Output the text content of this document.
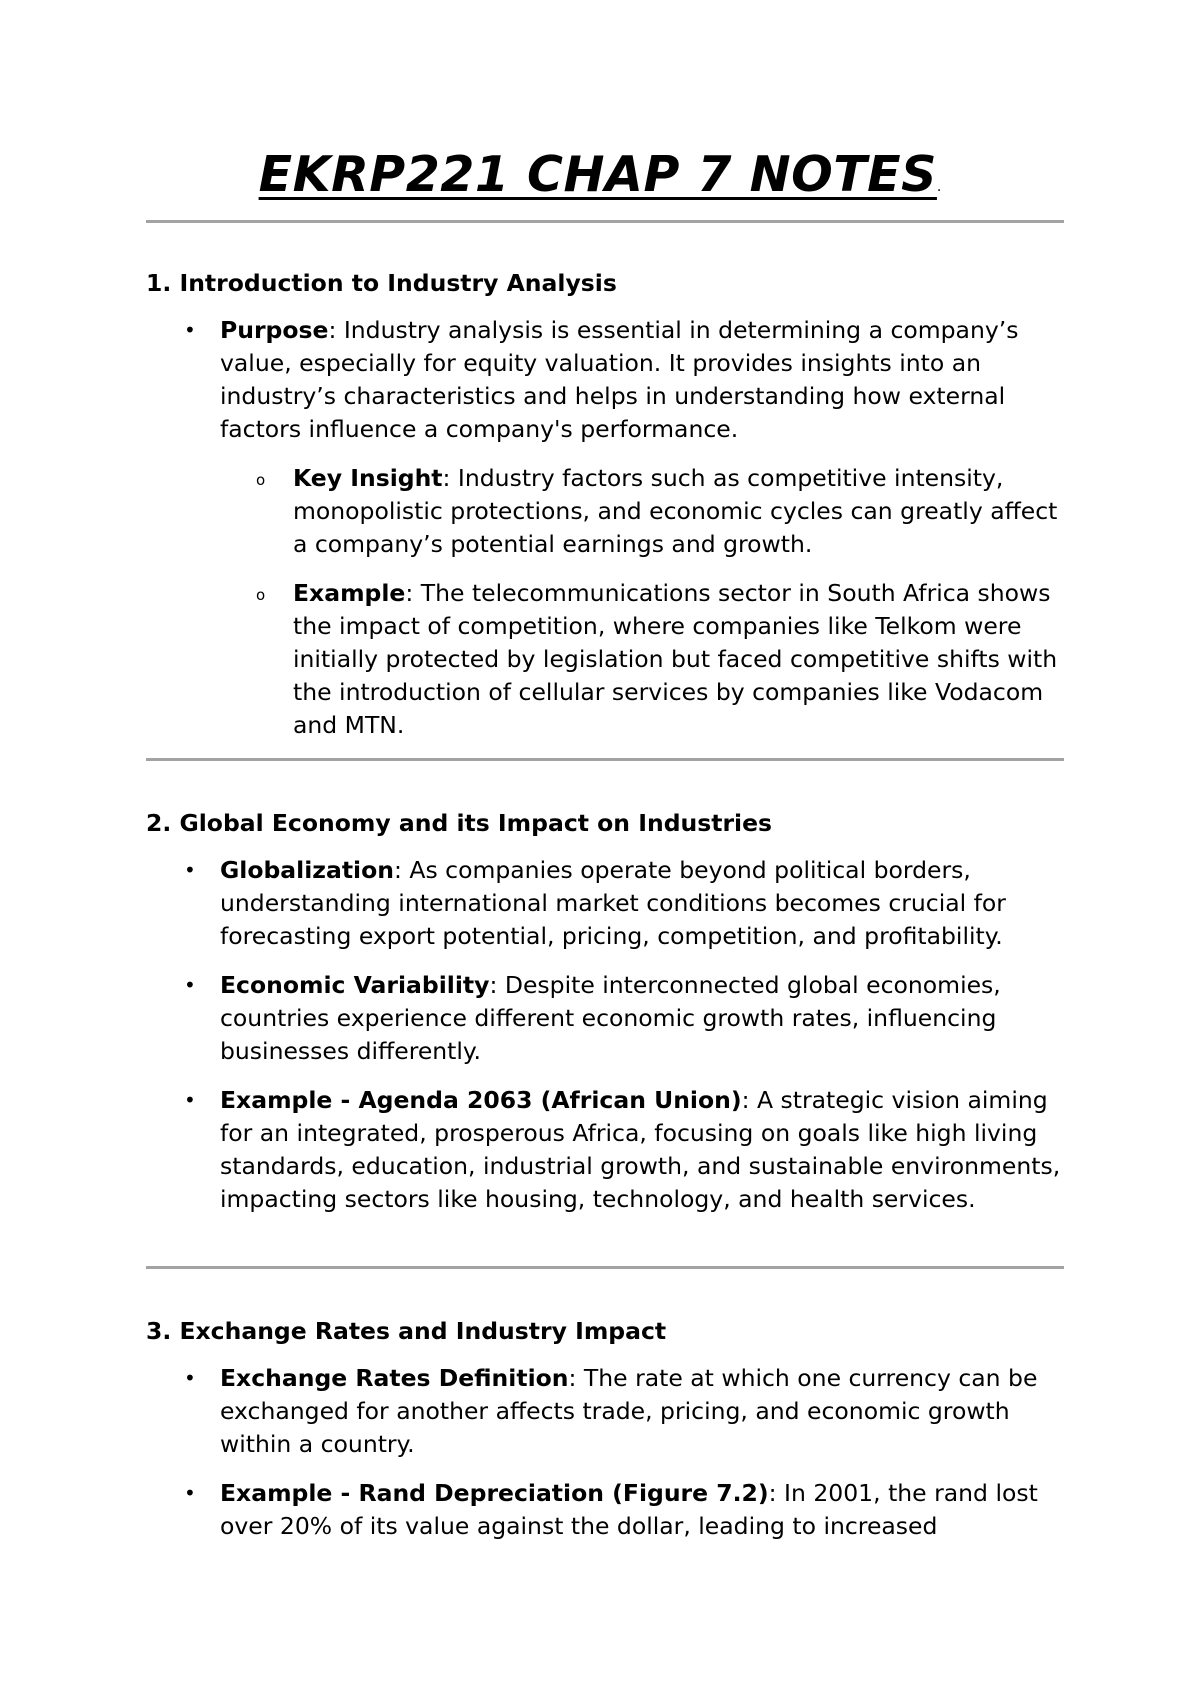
EKRP221 CHAP 7 NOTES.
1. Introduction to Industry Analysis
• Purpose: Industry analysis is essential in determining a company’s value, especially for equity valuation. It provides insights into an industry’s characteristics and helps in understanding how external factors influence a company's performance.
o Key Insight: Industry factors such as competitive intensity, monopolistic protections, and economic cycles can greatly affect a company’s potential earnings and growth.
o Example: The telecommunications sector in South Africa shows the impact of competition, where companies like Telkom were initially protected by legislation but faced competitive shifts with the introduction of cellular services by companies like Vodacom and MTN.
2. Global Economy and its Impact on Industries
• Globalization: As companies operate beyond political borders, understanding international market conditions becomes crucial for forecasting export potential, pricing, competition, and profitability.
• Economic Variability: Despite interconnected global economies, countries experience different economic growth rates, influencing businesses differently.
• Example - Agenda 2063 (African Union): A strategic vision aiming for an integrated, prosperous Africa, focusing on goals like high living standards, education, industrial growth, and sustainable environments, impacting sectors like housing, technology, and health services.
3. Exchange Rates and Industry Impact
• Exchange Rates Definition: The rate at which one currency can be exchanged for another affects trade, pricing, and economic growth within a country.
• Example - Rand Depreciation (Figure 7.2): In 2001, the rand lost over 20% of its value against the dollar, leading to increased
